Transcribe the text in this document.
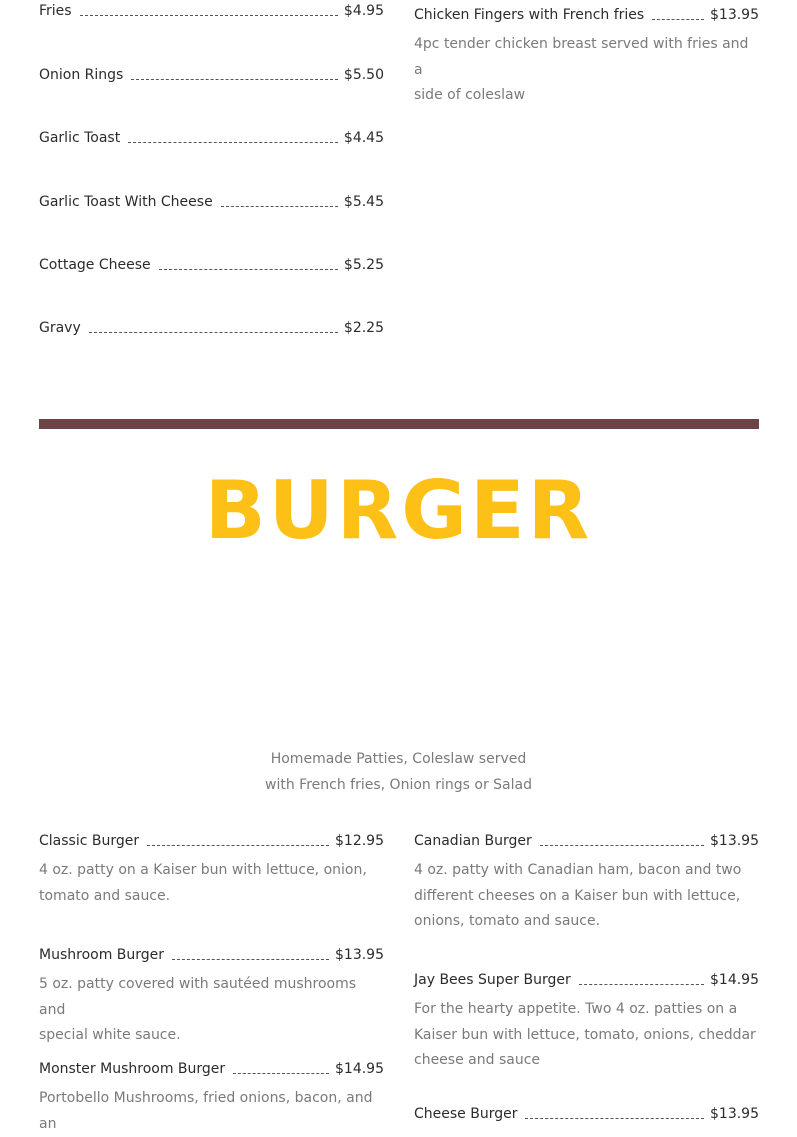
Fries	$4.95
Onion Rings	$5.50
Garlic Toast	$4.45
Garlic Toast With Cheese	$5.45
Cottage Cheese	$5.25
Gravy	$2.25
Chicken Fingers with French fries	$13.95
4pc tender chicken breast served with fries and a
side of coleslaw
BURGER
Homemade Patties, Coleslaw served
with French fries, Onion rings or Salad
Classic Burger	$12.95
4 oz. patty on a Kaiser bun with lettuce, onion,
tomato and sauce.
Mushroom Burger	$13.95
5 oz. patty covered with sautéed mushrooms and
special white sauce.
Monster Mushroom Burger	$14.95
Portobello Mushrooms, fried onions, bacon, and an
Canadian Burger	$13.95
4 oz. patty with Canadian ham, bacon and two
different cheeses on a Kaiser bun with lettuce,
onions, tomato and sauce.
Jay Bees Super Burger	$14.95
For the hearty appetite. Two 4 oz. patties on a
Kaiser bun with lettuce, tomato, onions, cheddar
cheese and sauce
Cheese Burger	$13.95
